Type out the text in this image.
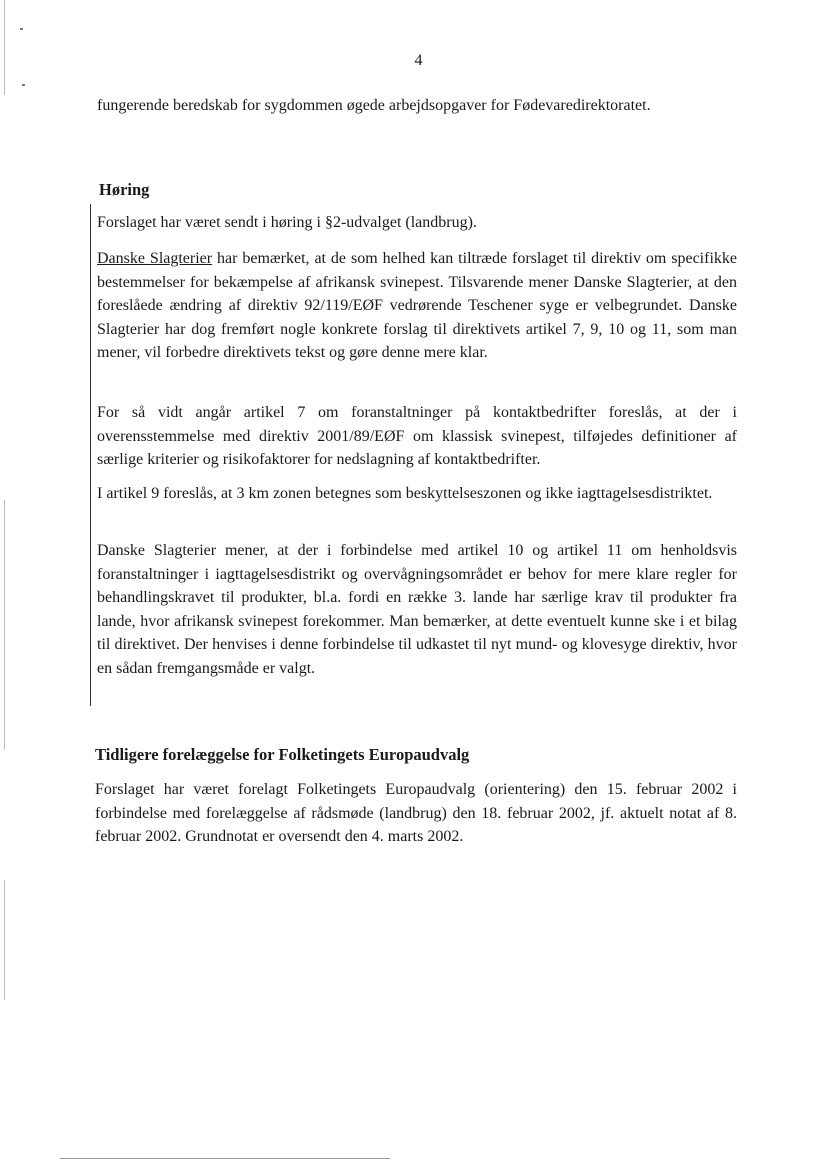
4

fungerende beredskab for sygdommen øgede arbejdsopgaver for Fødevaredirektoratet.

Høring

Forslaget har været sendt i høring i §2-udvalget (landbrug).

Danske Slagterier har bemærket, at de som helhed kan tiltræde forslaget til direktiv om specifikke bestemmelser for bekæmpelse af afrikansk svinepest. Tilsvarende mener Danske Slagterier, at den foreslåede ændring af direktiv 92/119/EØF vedrørende Teschener syge er velbegrundet. Danske Slagterier har dog fremført nogle konkrete forslag til direktivets artikel 7, 9, 10 og 11, som man mener, vil forbedre direktivets tekst og gøre denne mere klar.

For så vidt angår artikel 7 om foranstaltninger på kontaktbedrifter foreslås, at der i overensstemmelse med direktiv 2001/89/EØF om klassisk svinepest, tilføjedes definitioner af særlige kriterier og risikofaktorer for nedslagning af kontaktbedrifter.

I artikel 9 foreslås, at 3 km zonen betegnes som beskyttelseszonen og ikke iagttagelsesdistriktet.

Danske Slagterier mener, at der i forbindelse med artikel 10 og artikel 11 om henholdsvis foranstaltninger i iagttagelsesdistrikt og overvågningsområdet er behov for mere klare regler for behandlingskravet til produkter, bl.a. fordi en række 3. lande har særlige krav til produkter fra lande, hvor afrikansk svinepest forekommer. Man bemærker, at dette eventuelt kunne ske i et bilag til direktivet. Der henvises i denne forbindelse til udkastet til nyt mund- og klovesyge direktiv, hvor en sådan fremgangsmåde er valgt.

Tidligere forelæggelse for Folketingets Europaudvalg

Forslaget har været forelagt Folketingets Europaudvalg (orientering) den 15. februar 2002 i forbindelse med forelæggelse af rådsmøde (landbrug) den 18. februar 2002, jf. aktuelt notat af 8. februar 2002. Grundnotat er oversendt den 4. marts 2002.
